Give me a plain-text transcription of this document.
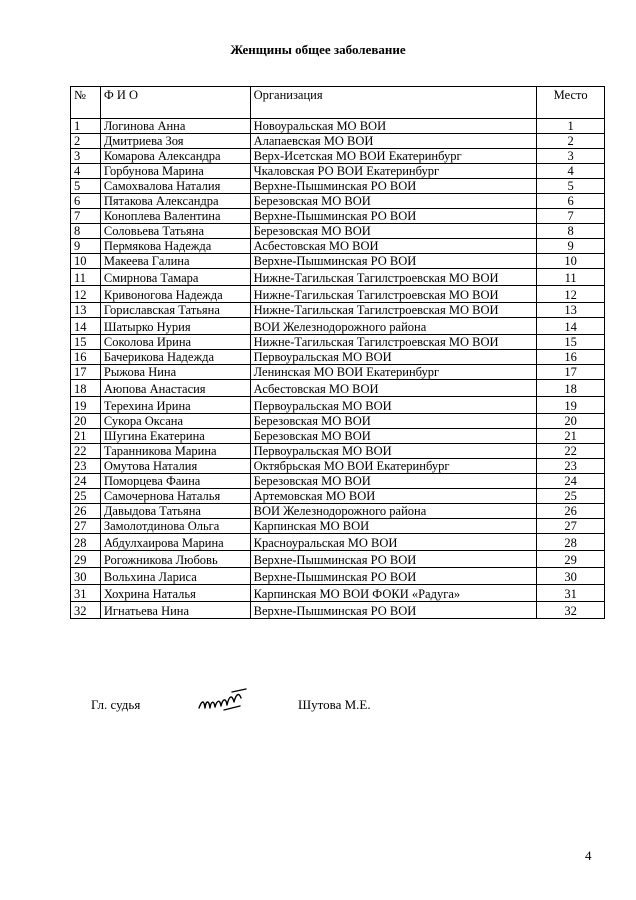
Женщины общее заболевание
№	Ф И О	Организация	Место
1	Логинова Анна	Новоуральская МО ВОИ	1
2	Дмитриева Зоя	Алапаевская МО ВОИ	2
3	Комарова Александра	Верх-Исетская МО ВОИ Екатеринбург	3
4	Горбунова Марина	Чкаловская РО ВОИ Екатеринбург	4
5	Самохвалова Наталия	Верхне-Пышминская РО ВОИ	5
6	Пятакова Александра	Березовская МО ВОИ	6
7	Коноплева Валентина	Верхне-Пышминская РО ВОИ	7
8	Соловьева Татьяна	Березовская МО ВОИ	8
9	Пермякова Надежда	Асбестовская МО ВОИ	9
10	Макеева Галина	Верхне-Пышминская РО ВОИ	10
11	Смирнова Тамара	Нижне-Тагильская Тагилстроевская МО ВОИ	11
12	Кривоногова Надежда	Нижне-Тагильская Тагилстроевская МО ВОИ	12
13	Гориславская Татьяна	Нижне-Тагильская Тагилстроевская МО ВОИ	13
14	Шатырко Нурия	ВОИ Железнодорожного района	14
15	Соколова Ирина	Нижне-Тагильская Тагилстроевская МО ВОИ	15
16	Бачерикова Надежда	Первоуральская МО ВОИ	16
17	Рыжова Нина	Ленинская МО ВОИ Екатеринбург	17
18	Аюпова Анастасия	Асбестовская МО ВОИ	18
19	Терехина Ирина	Первоуральская МО ВОИ	19
20	Сукора Оксана	Березовская МО ВОИ	20
21	Шугина Екатерина	Березовская МО ВОИ	21
22	Таранникова Марина	Первоуральская МО ВОИ	22
23	Омутова Наталия	Октябрьская МО ВОИ Екатеринбург	23
24	Поморцева Фаина	Березовская МО ВОИ	24
25	Самочернова Наталья	Артемовская МО ВОИ	25
26	Давыдова Татьяна	ВОИ Железнодорожного района	26
27	Замолотдинова Ольга	Карпинская МО ВОИ	27
28	Абдулхаирова Марина	Красноуральская МО ВОИ	28
29	Рогожникова Любовь	Верхне-Пышминская РО ВОИ	29
30	Вольхина Лариса	Верхне-Пышминская РО ВОИ	30
31	Хохрина Наталья	Карпинская МО ВОИ ФОКИ «Радуга»	31
32	Игнатьева Нина	Верхне-Пышминская РО ВОИ	32
Гл. судья	Шутова М.Е.
4
